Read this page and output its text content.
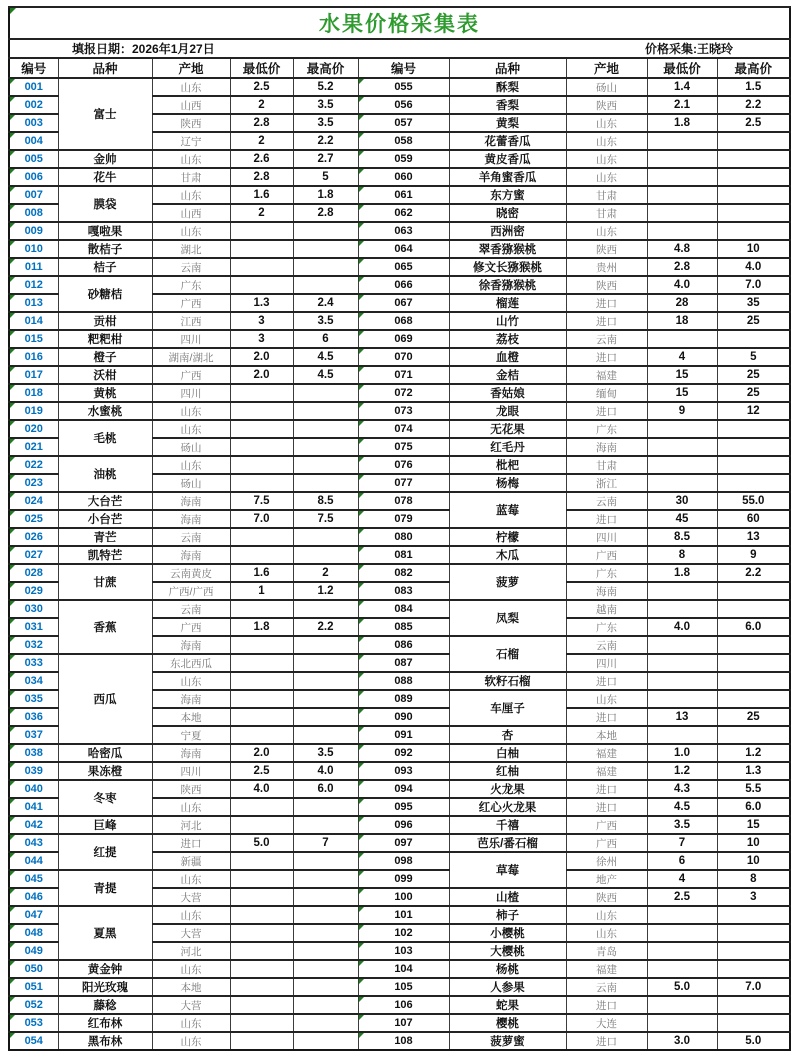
水果价格采集表									

填报日期：2026年1月27日 价格采集:王晓玲									

编号	品种	产地	最低价	最高价	编号	品种	产地	最低价	最高价

001	富士	山东	2.5	5.2	055	酥梨	砀山	1.4	1.5

002		山西	2	3.5	056	香梨	陕西	2.1	2.2

003		陕西	2.8	3.5	057	黄梨	山东	1.8	2.5

004		辽宁	2	2.2	058	花蕾香瓜	山东		

005	金帅	山东	2.6	2.7	059	黄皮香瓜	山东		

006	花牛	甘肃	2.8	5	060	羊角蜜香瓜	山东		

007	膜袋	山东	1.6	1.8	061	东方蜜	甘肃		

008		山西	2	2.8	062	晓密	甘肃		

009	嘎啦果	山东			063	西洲密	山东		

010	散桔子	湖北			064	翠香猕猴桃	陕西	4.8	10

011	桔子	云南			065	修文长猕猴桃	贵州	2.8	4.0

012	砂糖桔	广东			066	徐香猕猴桃	陕西	4.0	7.0

013		广西	1.3	2.4	067	榴莲	进口	28	35

014	贡柑	江西	3	3.5	068	山竹	进口	18	25

015	粑粑柑	四川	3	6	069	荔枝	云南		

016	橙子	湖南/湖北	2.0	4.5	070	血橙	进口	4	5

017	沃柑	广西	2.0	4.5	071	金桔	福建	15	25

018	黄桃	四川			072	香姑娘	缅甸	15	25

019	水蜜桃	山东			073	龙眼	进口	9	12

020	毛桃	山东			074	无花果	广东		

021		砀山			075	红毛丹	海南		

022	油桃	山东			076	枇杷	甘肃		

023		砀山			077	杨梅	浙江		

024	大台芒	海南	7.5	8.5	078	蓝莓	云南	30	55.0

025	小台芒	海南	7.0	7.5	079		进口	45	60

026	青芒	云南			080	柠檬	四川	8.5	13

027	凯特芒	海南			081	木瓜	广西	8	9

028	甘蔗	云南黄皮	1.6	2	082	菠萝	广东	1.8	2.2

029		广西/广西	1	1.2	083		海南		

030	香蕉	云南			084	凤梨	越南		

031		广西	1.8	2.2	085		广东	4.0	6.0

032		海南			086	石榴	云南		

033	西瓜	东北西瓜			087		四川		

034		山东			088	软籽石榴	进口		

035		海南			089	车厘子	山东		

036		本地			090		进口	13	25

037		宁夏			091	杏	本地		

038	哈密瓜	海南	2.0	3.5	092	白柚	福建	1.0	1.2

039	果冻橙	四川	2.5	4.0	093	红柚	福建	1.2	1.3

040	冬枣	陕西	4.0	6.0	094	火龙果	进口	4.3	5.5

041		山东			095	红心火龙果	进口	4.5	6.0

042	巨峰	河北			096	千禧	广西	3.5	15

043	红提	进口	5.0	7	097	芭乐/番石榴	广西	7	10

044		新疆			098	草莓	徐州	6	10

045	青提	山东			099		地产	4	8

046		大营			100	山楂	陕西	2.5	3

047	夏黑	山东			101	柿子	山东		

048		大营			102	小樱桃	山东		

049		河北			103	大樱桃	青岛		

050	黄金钟	山东			104	杨桃	福建		

051	阳光玫瑰	本地			105	人参果	云南	5.0	7.0

052	藤稔	大营			106	蛇果	进口		

053	红布林	山东			107	樱桃	大连		

054	黑布林	山东			108	菠萝蜜	进口	3.0	5.0
